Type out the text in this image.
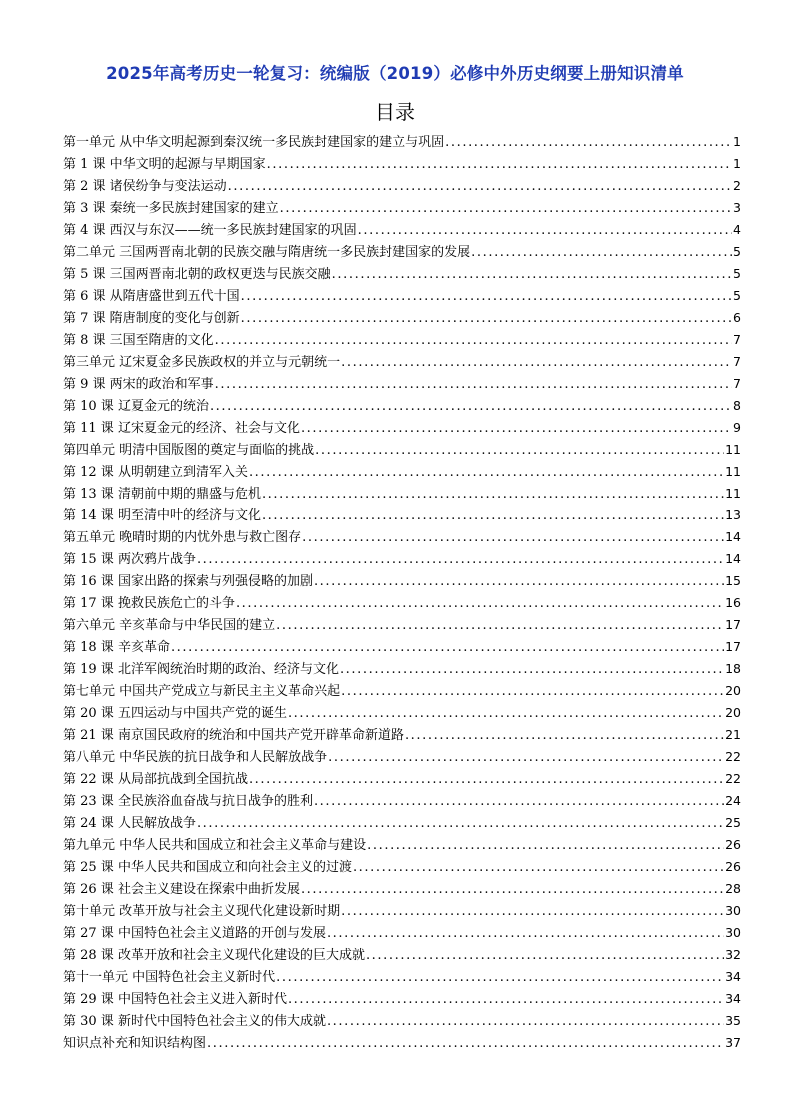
2025年高考历史一轮复习：统编版（2019）必修中外历史纲要上册知识清单
目录
第一单元 从中华文明起源到秦汉统一多民族封建国家的建立与巩固 .....	1
第 1 课 中华文明的起源与早期国家 .....	1
第 2 课 诸侯纷争与变法运动 .....	2
第 3 课 秦统一多民族封建国家的建立 .....	3
第 4 课 西汉与东汉——统一多民族封建国家的巩固 .....	4
第二单元 三国两晋南北朝的民族交融与隋唐统一多民族封建国家的发展 .....	5
第 5 课 三国两晋南北朝的政权更迭与民族交融 .....	5
第 6 课 从隋唐盛世到五代十国 .....	5
第 7 课 隋唐制度的变化与创新 .....	6
第 8 课 三国至隋唐的文化 .....	7
第三单元 辽宋夏金多民族政权的并立与元朝统一 .....	7
第 9 课 两宋的政治和军事 .....	7
第 10 课 辽夏金元的统治 .....	8
第 11 课 辽宋夏金元的经济、社会与文化 .....	9
第四单元 明清中国版图的奠定与面临的挑战 .....	11
第 12 课 从明朝建立到清军入关 .....	11
第 13 课 清朝前中期的鼎盛与危机 .....	11
第 14 课 明至清中叶的经济与文化 .....	13
第五单元 晚晴时期的内忧外患与救亡图存 .....	14
第 15 课 两次鸦片战争 .....	14
第 16 课 国家出路的探索与列强侵略的加剧 .....	15
第 17 课 挽救民族危亡的斗争 .....	16
第六单元 辛亥革命与中华民国的建立 .....	17
第 18 课 辛亥革命 .....	17
第 19 课 北洋军阀统治时期的政治、经济与文化 .....	18
第七单元 中国共产党成立与新民主主义革命兴起 .....	20
第 20 课 五四运动与中国共产党的诞生 .....	20
第 21 课 南京国民政府的统治和中国共产党开辟革命新道路 .....	21
第八单元 中华民族的抗日战争和人民解放战争 .....	22
第 22 课 从局部抗战到全国抗战 .....	22
第 23 课 全民族浴血奋战与抗日战争的胜利 .....	24
第 24 课 人民解放战争 .....	25
第九单元 中华人民共和国成立和社会主义革命与建设 .....	26
第 25 课 中华人民共和国成立和向社会主义的过渡 .....	26
第 26 课 社会主义建设在探索中曲折发展 .....	28
第十单元 改革开放与社会主义现代化建设新时期 .....	30
第 27 课 中国特色社会主义道路的开创与发展 .....	30
第 28 课 改革开放和社会主义现代化建设的巨大成就 .....	32
第十一单元 中国特色社会主义新时代 .....	34
第 29 课 中国特色社会主义进入新时代 .....	34
第 30 课 新时代中国特色社会主义的伟大成就 .....	35
知识点补充和知识结构图 .....	37
